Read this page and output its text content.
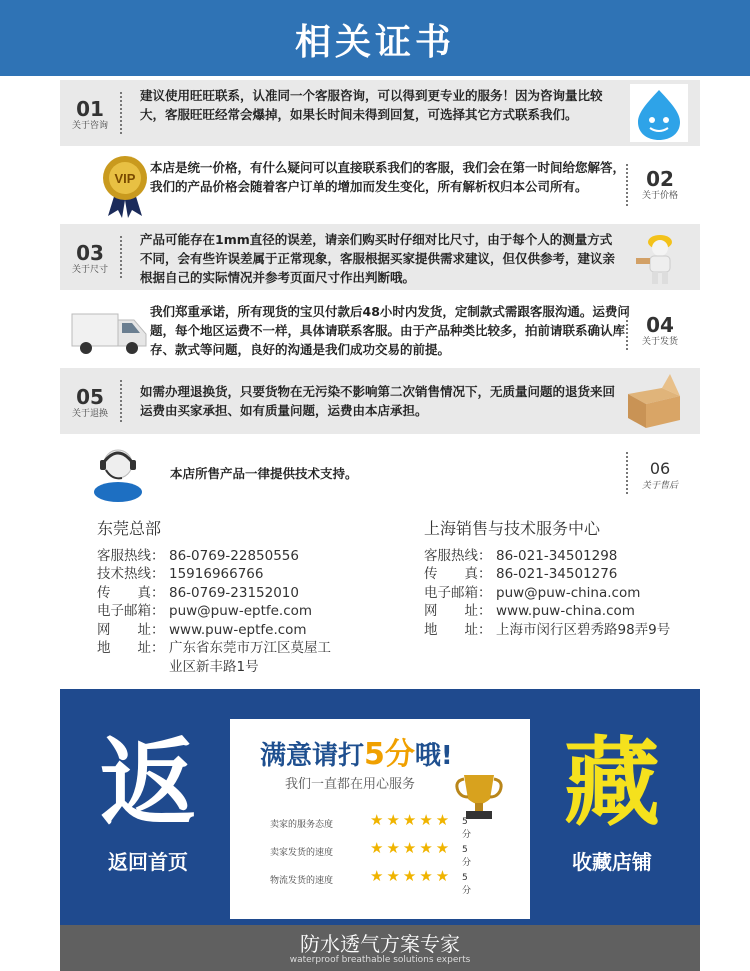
相关证书
01
关于咨询
建议使用旺旺联系，认准同一个客服咨询，可以得到更专业的服务！因为咨询量比较大，客服旺旺经常会爆掉，如果长时间未得到回复，可选择其它方式联系我们。
VIP
本店是统一价格，有什么疑问可以直接联系我们的客服，我们会在第一时间给您解答，我们的产品价格会随着客户订单的增加而发生变化，所有解析权归本公司所有。	02
关于价格
03
关于尺寸
产品可能存在1mm直径的误差，请亲们购买时仔细对比尺寸，由于每个人的测量方式不同，会有些许误差属于正常现象，客服根据买家提供需求建议，但仅供参考，建议亲根据自己的实际情况并参考页面尺寸作出判断哦。
我们郑重承诺，所有现货的宝贝付款后48小时内发货，定制款式需跟客服沟通。运费问题，每个地区运费不一样，具体请联系客服。由于产品种类比较多，拍前请联系确认库存、款式等问题，良好的沟通是我们成功交易的前提。
04
关于发货
05
关于退换
如需办理退换货，只要货物在无污染不影响第二次销售情况下，无质量问题的退货来回运费由买家承担、如有质量问题，运费由本店承担。
本店所售产品一律提供技术支持。	06
关于售后
东莞总部
客服热线： 86-0769-22850556
技术热线： 15916966766
传　　真： 86-0769-23152010
电子邮箱： puw@puw-eptfe.com
网　　址： www.puw-eptfe.com
地　　址： 广东省东莞市万江区莫屋工
业区新丰路1号
上海销售与技术服务中心
客服热线： 86-021-34501298
传　　真： 86-021-34501276
电子邮箱： puw@puw-china.com
网　　址： www.puw-china.com
地　　址： 上海市闵行区碧秀路98弄9号
返
返回首页
藏
收藏店铺
满意请打5分哦!
我们一直都在用心服务
卖家的服务态度	★★★★★ 5分
卖家发货的速度	★★★★★ 5分
物流发货的速度	★★★★★ 5分
防水透气方案专家
waterproof breathable solutions experts
